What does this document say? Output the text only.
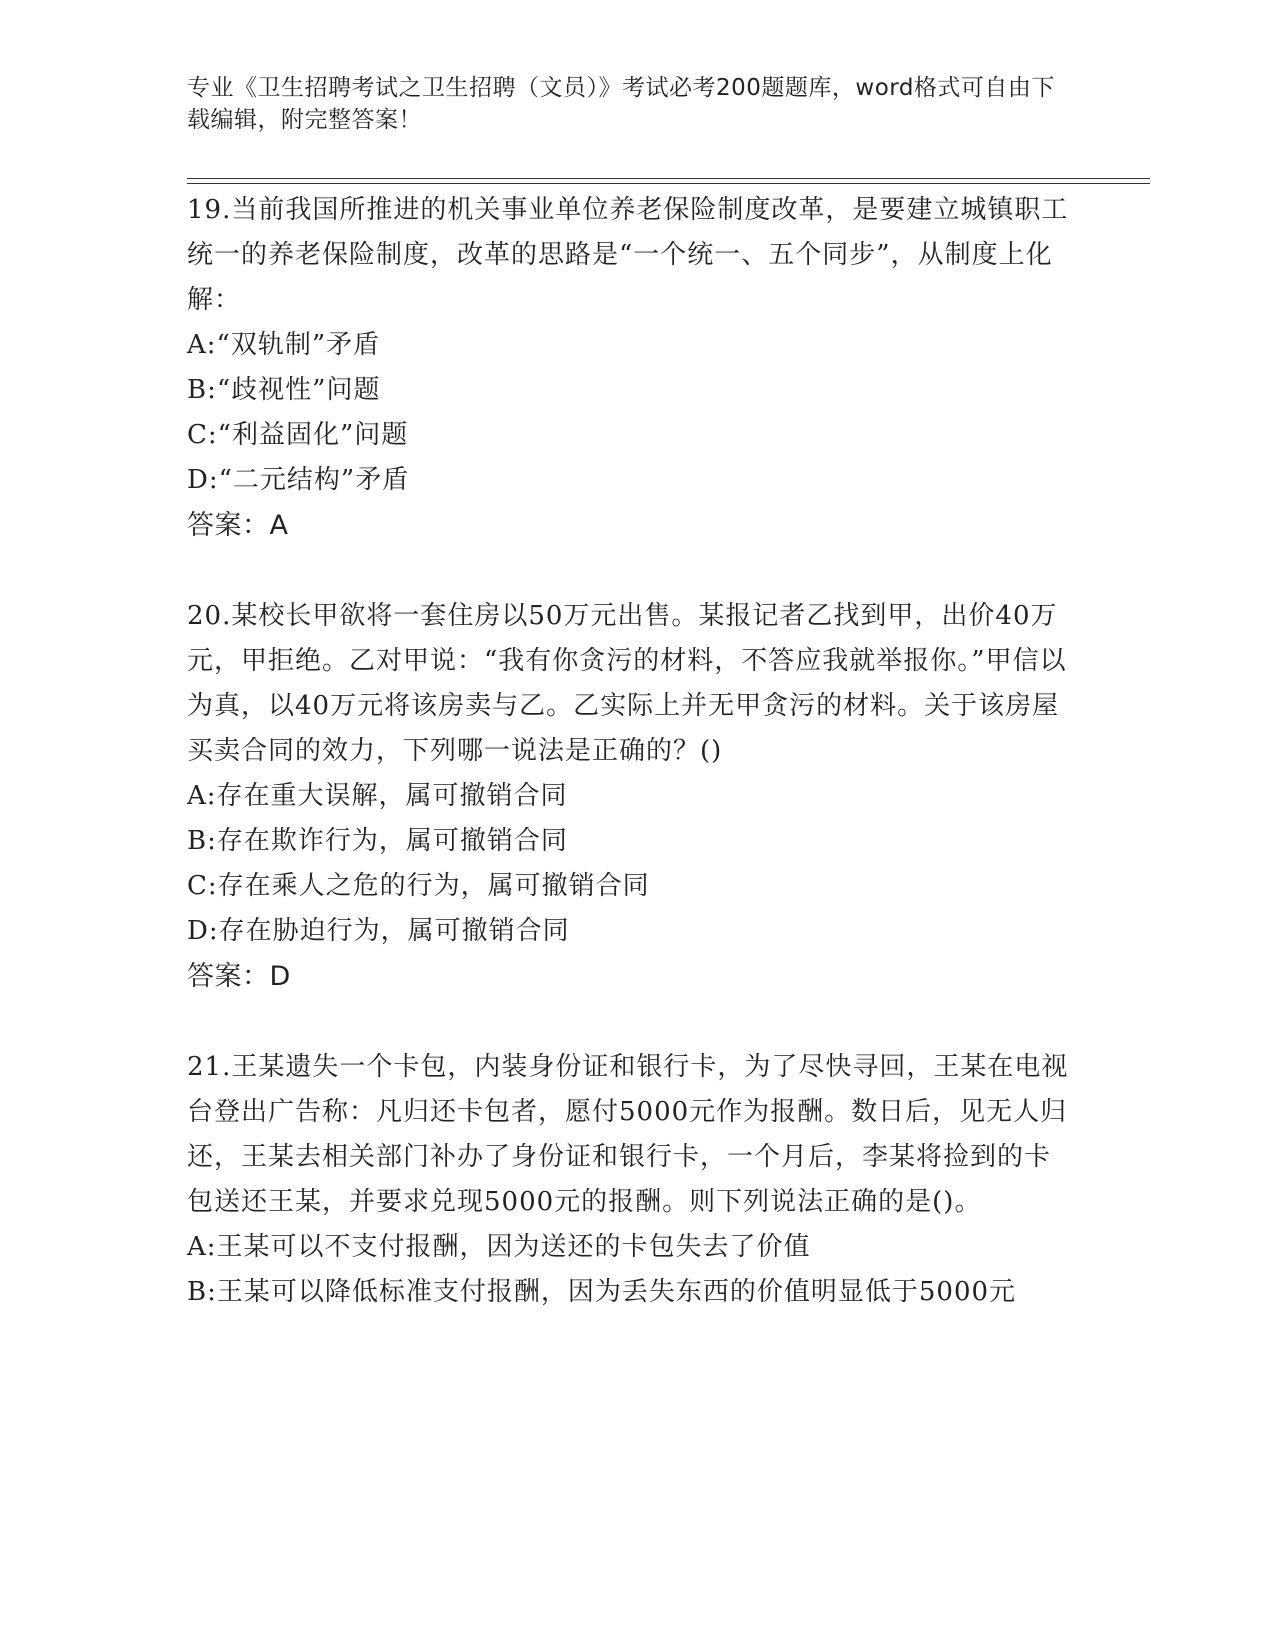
专业《卫生招聘考试之卫生招聘（文员）》考试必考200题题库，word格式可自由下载编辑，附完整答案！
19.当前我国所推进的机关事业单位养老保险制度改革，是要建立城镇职工统一的养老保险制度，改革的思路是“一个统一、五个同步”，从制度上化解：
A:“双轨制”矛盾
B:“歧视性”问题
C:“利益固化”问题
D:“二元结构”矛盾
答案：A
20.某校长甲欲将一套住房以50万元出售。某报记者乙找到甲，出价40万元，甲拒绝。乙对甲说：“我有你贪污的材料，不答应我就举报你。”甲信以为真，以40万元将该房卖与乙。乙实际上并无甲贪污的材料。关于该房屋买卖合同的效力，下列哪一说法是正确的？()
A:存在重大误解，属可撤销合同
B:存在欺诈行为，属可撤销合同
C:存在乘人之危的行为，属可撤销合同
D:存在胁迫行为，属可撤销合同
答案：D
21.王某遗失一个卡包，内装身份证和银行卡，为了尽快寻回，王某在电视台登出广告称：凡归还卡包者，愿付5000元作为报酬。数日后，见无人归还，王某去相关部门补办了身份证和银行卡，一个月后，李某将捡到的卡包送还王某，并要求兑现5000元的报酬。则下列说法正确的是()。
A:王某可以不支付报酬，因为送还的卡包失去了价值
B:王某可以降低标准支付报酬，因为丢失东西的价值明显低于5000元
